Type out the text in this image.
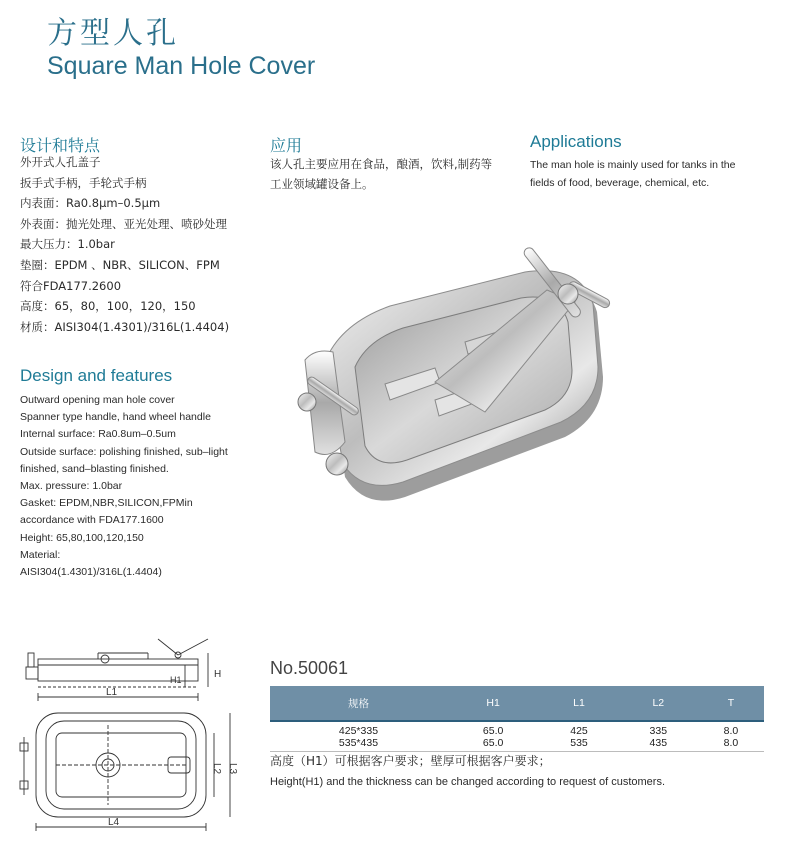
方型人孔
Square Man Hole Cover
设计和特点
外开式人孔盖子
扳手式手柄，手轮式手柄
内表面：Ra0.8μm–0.5μm
外表面：抛光处理、亚光处理、喷砂处理
最大压力：1.0bar
垫圈：EPDM 、NBR、SILICON、FPM
符合FDA177.2600
高度：65，80，100，120，150
材质：AISI304(1.4301)/316L(1.4404)
Design and features
Outward opening man hole cover
Spanner type handle, hand wheel handle
Internal surface: Ra0.8um–0.5um
Outside surface: polishing finished, sub–light
finished, sand–blasting finished.
Max. pressure: 1.0bar
Gasket: EPDM,NBR,SILICON,FPMin
accordance with FDA177.1600
Height: 65,80,100,120,150
Material:
AISI304(1.4301)/316L(1.4404)
应用
该人孔主要应用在食品，酿酒，饮料,制药等
工业领域罐设备上。
Applications
The man hole is mainly used for tanks in the
fields of food, beverage, chemical, etc.
H
H1
L1
L2 L3
L4
No.50061
规格	H1	L1	L2	T
425*335	65.0	425	335	8.0
535*435	65.0	535	435	8.0
高度（H1）可根据客户要求；壁厚可根据客户要求；
Height(H1) and the thickness can be changed according to request of customers.
